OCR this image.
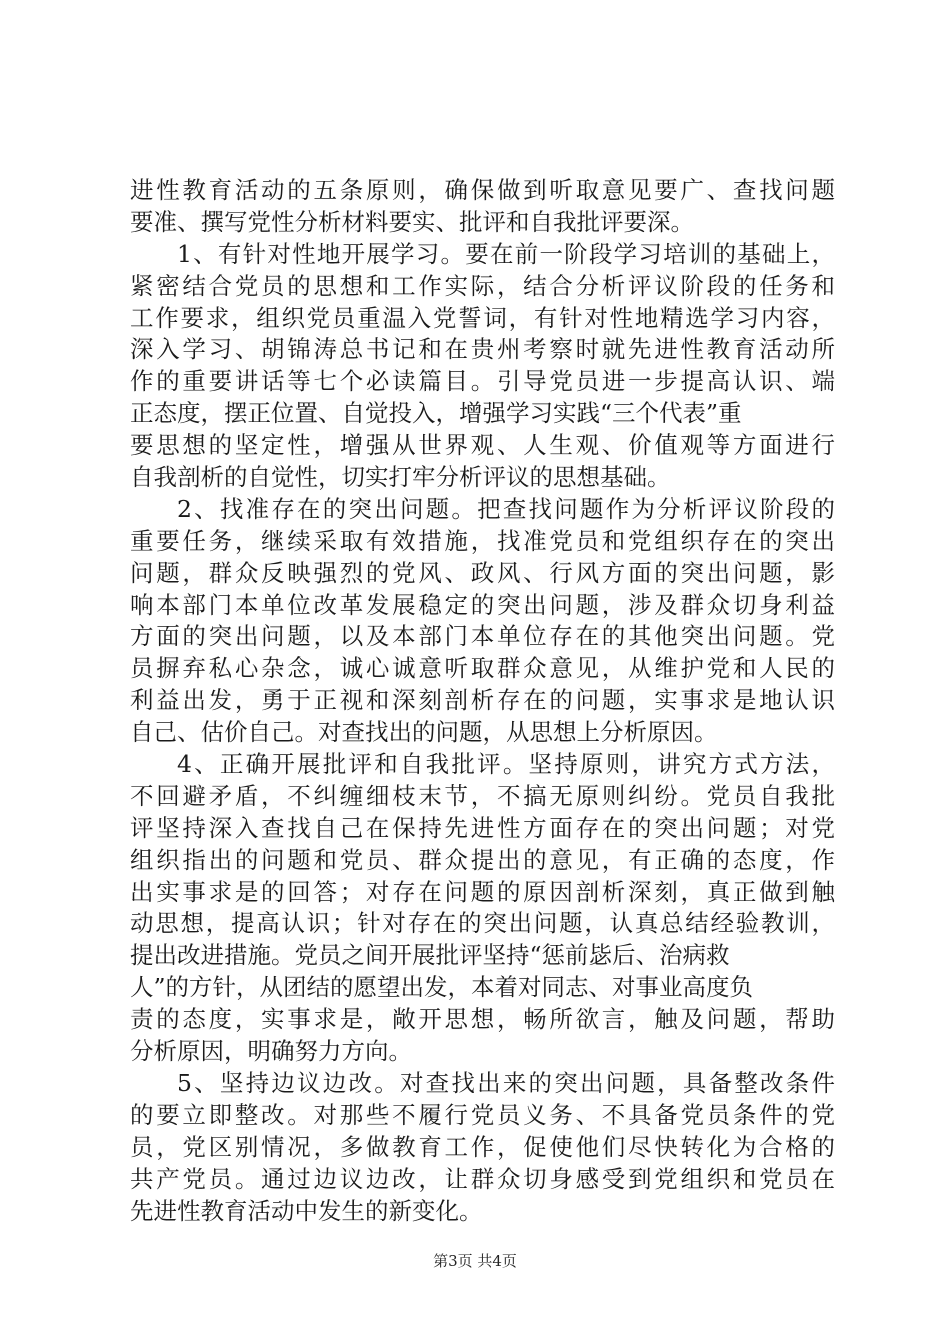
进性教育活动的五条原则，确保做到听取意见要广、查找问题
要准、撰写党性分析材料要实、批评和自我批评要深。
1、有针对性地开展学习。要在前一阶段学习培训的基础上，
紧密结合党员的思想和工作实际，结合分析评议阶段的任务和
工作要求，组织党员重温入党誓词，有针对性地精选学习内容，
深入学习、胡锦涛总书记和在贵州考察时就先进性教育活动所
作的重要讲话等七个必读篇目。引导党员进一步提高认识、端
正态度，摆正位置、自觉投入，增强学习实践“三个代表”重
要思想的坚定性，增强从世界观、人生观、价值观等方面进行
自我剖析的自觉性，切实打牢分析评议的思想基础。
2、找准存在的突出问题。把查找问题作为分析评议阶段的
重要任务，继续采取有效措施，找准党员和党组织存在的突出
问题，群众反映强烈的党风、政风、行风方面的突出问题，影
响本部门本单位改革发展稳定的突出问题，涉及群众切身利益
方面的突出问题，以及本部门本单位存在的其他突出问题。党
员摒弃私心杂念，诚心诚意听取群众意见，从维护党和人民的
利益出发，勇于正视和深刻剖析存在的问题，实事求是地认识
自己、估价自己。对查找出的问题，从思想上分析原因。
4、正确开展批评和自我批评。坚持原则，讲究方式方法，
不回避矛盾，不纠缠细枝末节，不搞无原则纠纷。党员自我批
评坚持深入查找自己在保持先进性方面存在的突出问题；对党
组织指出的问题和党员、群众提出的意见，有正确的态度，作
出实事求是的回答；对存在问题的原因剖析深刻，真正做到触
动思想，提高认识；针对存在的突出问题，认真总结经验教训，
提出改进措施。党员之间开展批评坚持“惩前毖后、治病救
人”的方针，从团结的愿望出发，本着对同志、对事业高度负
责的态度，实事求是，敞开思想，畅所欲言，触及问题，帮助
分析原因，明确努力方向。
5、坚持边议边改。对查找出来的突出问题，具备整改条件
的要立即整改。对那些不履行党员义务、不具备党员条件的党
员，党区别情况，多做教育工作，促使他们尽快转化为合格的
共产党员。通过边议边改，让群众切身感受到党组织和党员在
先进性教育活动中发生的新变化。
第3页 共4页
